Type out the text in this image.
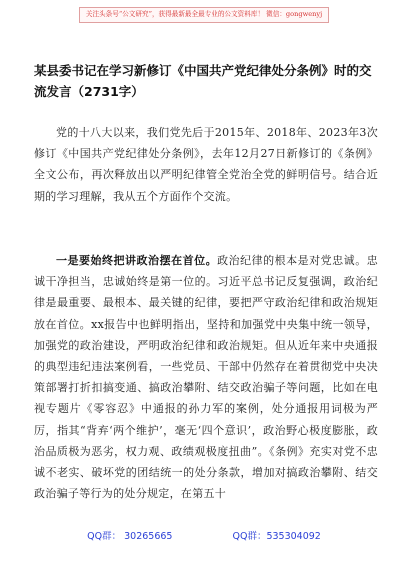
关注头条号“公文研究”，获得最新最全最专业的公文资料库！ 微信：gongwenyj
某县委书记在学习新修订《中国共产党纪律处分条例》时的交流发言（2731字）

党的十八大以来，我们党先后于2015年、2018年、2023年3次修订《中国共产党纪律处分条例》，去年12月27日新修订的《条例》全文公布，再次释放出以严明纪律管全党治全党的鲜明信号。结合近期的学习理解，我从五个方面作个交流。

一是要始终把讲政治摆在首位。政治纪律的根本是对党忠诚。忠诚干净担当，忠诚始终是第一位的。习近平总书记反复强调，政治纪律是最重要、最根本、最关键的纪律，要把严守政治纪律和政治规矩放在首位。xx报告中也鲜明指出，坚持和加强党中央集中统一领导，加强党的政治建设，严明政治纪律和政治规矩。但从近年来中央通报的典型违纪违法案例看，一些党员、干部中仍然存在着贯彻党中央决策部署打折扣搞变通、搞政治攀附、结交政治骗子等问题，比如在电视专题片《零容忍》中通报的孙力军的案例，处分通报用词极为严厉，指其“背弃‘两个维护’，毫无‘四个意识’，政治野心极度膨胀，政治品质极为恶劣，权力观、政绩观极度扭曲”。《条例》充实对党不忠诚不老实、破坏党的团结统一的处分条款，增加对搞政治攀附、结交政治骗子等行为的处分规定，在第五十

QQ群： 30265665	QQ群：535304092
